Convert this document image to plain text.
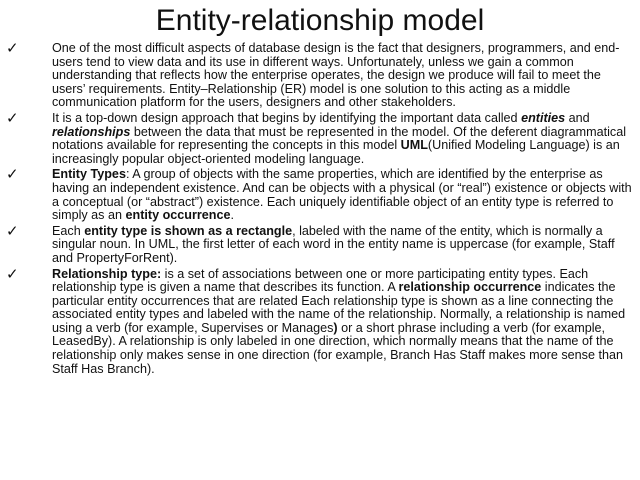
Entity-relationship model
✓	One of the most difficult aspects of database design is the fact that designers, programmers, and end-users tend to view data and its use in different ways. Unfortunately, unless we gain a common understanding that reflects how the enterprise operates, the design we produce will fail to meet the users’ requirements. Entity–Relationship (ER) model is one solution to this acting as a middle communication platform for the users, designers and other stakeholders.
✓	It is a top-down design approach that begins by identifying the important data called entities and relationships between the data that must be represented in the model. Of the deferent diagrammatical notations available for representing the concepts in this model UML(Unified Modeling Language) is an increasingly popular object-oriented modeling language.
✓	Entity Types: A group of objects with the same properties, which are identified by the enterprise as having an independent existence. And can be objects with a physical (or “real”) existence or objects with a conceptual (or “abstract”) existence. Each uniquely identifiable object of an entity type is referred to simply as an entity occurrence.
✓	Each entity type is shown as a rectangle, labeled with the name of the entity, which is normally a singular noun. In UML, the first letter of each word in the entity name is uppercase (for example, Staff and PropertyForRent).
✓	Relationship type: is a set of associations between one or more participating entity types. Each relationship type is given a name that describes its function. A relationship occurrence indicates the particular entity occurrences that are related Each relationship type is shown as a line connecting the associated entity types and labeled with the name of the relationship. Normally, a relationship is named using a verb (for example, Supervises or Manages) or a short phrase including a verb (for example, LeasedBy). A relationship is only labeled in one direction, which normally means that the name of the relationship only makes sense in one direction (for example, Branch Has Staff makes more sense than Staff Has Branch).
